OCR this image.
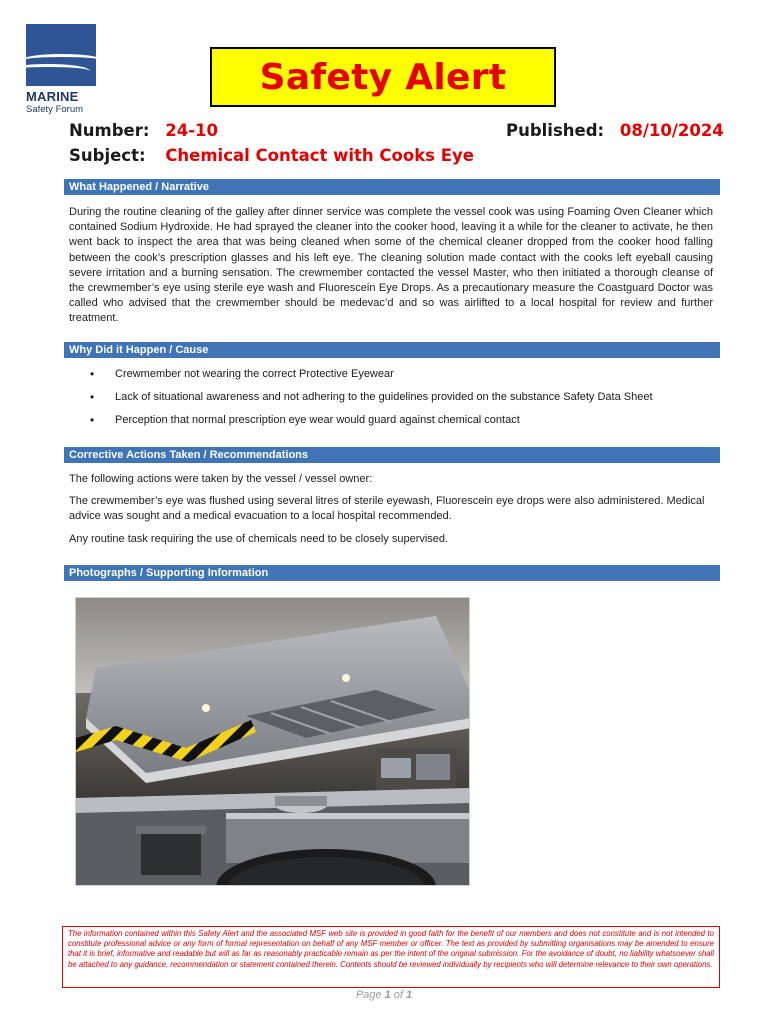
MARINE
Safety Forum
Safety Alert
Number: 24-10	Published: 08/10/2024
Subject: Chemical Contact with Cooks Eye
What Happened / Narrative

During the routine cleaning of the galley after dinner service was complete the vessel cook was using Foaming Oven Cleaner which contained Sodium Hydroxide. He had sprayed the cleaner into the cooker hood, leaving it a while for the cleaner to activate, he then went back to inspect the area that was being cleaned when some of the chemical cleaner dropped from the cooker hood falling between the cook’s prescription glasses and his left eye. The cleaning solution made contact with the cooks left eyeball causing severe irritation and a burning sensation. The crewmember contacted the vessel Master, who then initiated a thorough cleanse of the crewmember’s eye using sterile eye wash and Fluorescein Eye Drops. As a precautionary measure the Coastguard Doctor was called who advised that the crewmember should be medevac’d and so was airlifted to a local hospital for review and further treatment.

Why Did it Happen / Cause
• Crewmember not wearing the correct Protective Eyewear
• Lack of situational awareness and not adhering to the guidelines provided on the substance Safety Data Sheet
• Perception that normal prescription eye wear would guard against chemical contact
Corrective Actions Taken / Recommendations

The following actions were taken by the vessel / vessel owner:

The crewmember’s eye was flushed using several litres of sterile eyewash, Fluorescein eye drops were also administered. Medical advice was sought and a medical evacuation to a local hospital recommended.

Any routine task requiring the use of chemicals need to be closely supervised.

Photographs / Supporting Information
The information contained within this Safety Alert and the associated MSF web site is provided in good faith for the benefit of our members and does not constitute and is not intended to constitute professional advice or any form of formal representation on behalf of any MSF member or officer. The text as provided by submitting organisations may be amended to ensure that it is brief, informative and readable but will as far as reasonably practicable remain as per the intent of the original submission. For the avoidance of doubt, no liability whatsoever shall be attached to any guidance, recommendation or statement contained therein. Contents should be reviewed individually by recipients who will determine relevance to their own operations.
Page 1 of 1
